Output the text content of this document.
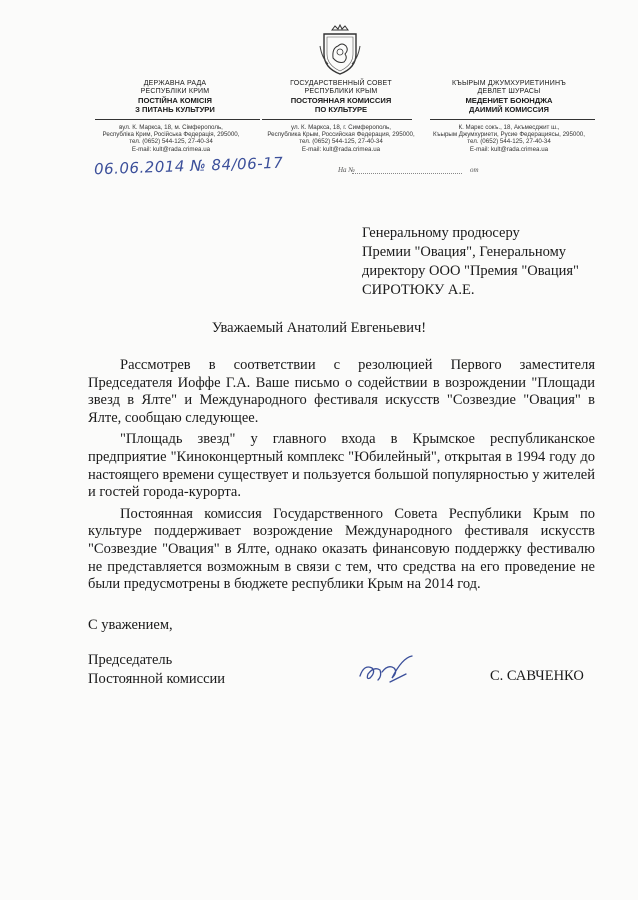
ДЕРЖАВНА РАДА
РЕСПУБЛІКИ КРИМ
ПОСТІЙНА КОМІСІЯ
З ПИТАНЬ КУЛЬТУРИ
ГОСУДАРСТВЕННЫЙ СОВЕТ
РЕСПУБЛИКИ КРЫМ
ПОСТОЯННАЯ КОМИССИЯ
ПО КУЛЬТУРЕ
КЪЫРЫМ ДЖУМХУРИЕТИНИНЪ
ДЕВЛЕТ ШУРАСЫ
МЕДЕНИЕТ БОЮНДЖА
ДАИМИЙ КОМИССИЯ
вул. К. Маркса, 18, м. Сімферополь,
Республіка Крим, Російська Федерація, 295000,
тел. (0652) 544-125, 27-40-34
E-mail: kult@rada.crimea.ua
ул. К. Маркса, 18, г. Симферополь,
Республика Крым, Российская Федерация, 295000,
тел. (0652) 544-125, 27-40-34
E-mail: kult@rada.crimea.ua
К. Маркс сокъ., 18, Акъмесджит ш.,
Къырым Джумхуриети, Русие Федерацияcы, 295000,
тел. (0652) 544-125, 27-40-34
E-mail: kult@rada.crimea.ua
06.06.2014 № 84/06-17	На №	от
Генеральному продюсеру
Премии "Овация", Генеральному
директору ООО "Премия "Овация"
СИРОТЮКУ А.Е.
Уважаемый Анатолий Евгеньевич!

Рассмотрев в соответствии с резолюцией Первого заместителя Председателя Иоффе Г.А. Ваше письмо о содействии в возрождении "Площади звезд в Ялте" и Международного фестиваля искусств "Созвездие "Овация" в Ялте, сообщаю следующее.

"Площадь звезд" у главного входа в Крымское республиканское предприятие "Киноконцертный комплекс "Юбилейный", открытая в 1994 году до настоящего времени существует и пользуется большой популярностью у жителей и гостей города-курорта.

Постоянная комиссия Государственного Совета Республики Крым по культуре поддерживает возрождение Международного фестиваля искусств "Созвездие "Овация" в Ялте, однако оказать финансовую поддержку фестивалю не представляется возможным в связи с тем, что средства на его проведение не были предусмотрены в бюджете республики Крым на 2014 год.

С уважением,
Председатель
Постоянной комиссии	С. САВЧЕНКО
